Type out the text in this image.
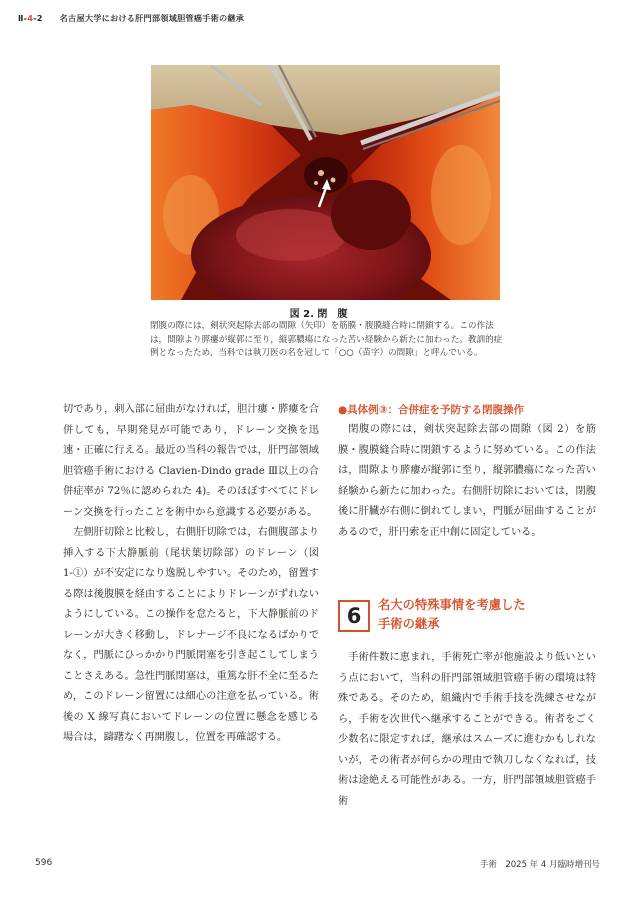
Ⅱ-4-2 名古屋大学における肝門部領域胆管癌手術の継承
図 2. 閉　腹
閉腹の際には，剣状突起除去部の間隙（矢印）を筋膜・腹膜縫合時に閉鎖する。この作法は，間隙より膵瘻が縦郭に至り，縦郭膿瘍になった苦い経験から新たに加わった。教訓的症例となったため，当科では執刀医の名を冠して「○○（苗字）の間隙」と呼んでいる。

切であり，刺入部に屈曲がなければ，胆汁瘻・膵瘻を合併しても，早期発見が可能であり，ドレーン交換を迅速・正確に行える。最近の当科の報告では，肝門部領域胆管癌手術における Clavien-Dindo grade Ⅲ以上の合併症率が 72％に認められた 4)。そのほぼすべてにドレーン交換を行ったことを術中から意識する必要がある。

左側肝切除と比較し，右側肝切除では，右側腹部より挿入する下大静脈前（尾状葉切除部）のドレーン（図 1-①）が不安定になり逸脱しやすい。そのため，留置する際は後腹膜を経由することによりドレーンがずれないようにしている。この操作を怠たると，下大静脈前のドレーンが大きく移動し，ドレナージ不良になるばかりでなく，門脈にひっかかり門脈閉塞を引き起こしてしまうことさえある。急性門脈閉塞は，重篤な肝不全に至るため，このドレーン留置には細心の注意を払っている。術後の X 線写真においてドレーンの位置に懸念を感じる場合は，躊躇なく再開腹し，位置を再確認する。

●具体例③：合併症を予防する閉腹操作

閉腹の際には，剣状突起除去部の間隙（図 2）を筋膜・腹膜縫合時に閉鎖するように努めている。この作法は，間隙より膵瘻が縦郭に至り，縦郭膿瘍になった苦い経験から新たに加わった。右側肝切除においては，閉腹後に肝臓が右側に倒れてしまい，門脈が屈曲することがあるので，肝円索を正中創に固定している。

6	名大の特殊事情を考慮した
手術の継承

手術件数に恵まれ，手術死亡率が他施設より低いという点において，当科の肝門部領域胆管癌手術の環境は特殊である。そのため，組織内で手術手技を洗練させながら，手術を次世代へ継承することができる。術者をごく少数名に限定すれば，継承はスムーズに進むかもしれないが，その術者が何らかの理由で執刀しなくなれば，技術は途絶える可能性がある。一方，肝門部領域胆管癌手術

596	手術　2025 年 4 月臨時増刊号
